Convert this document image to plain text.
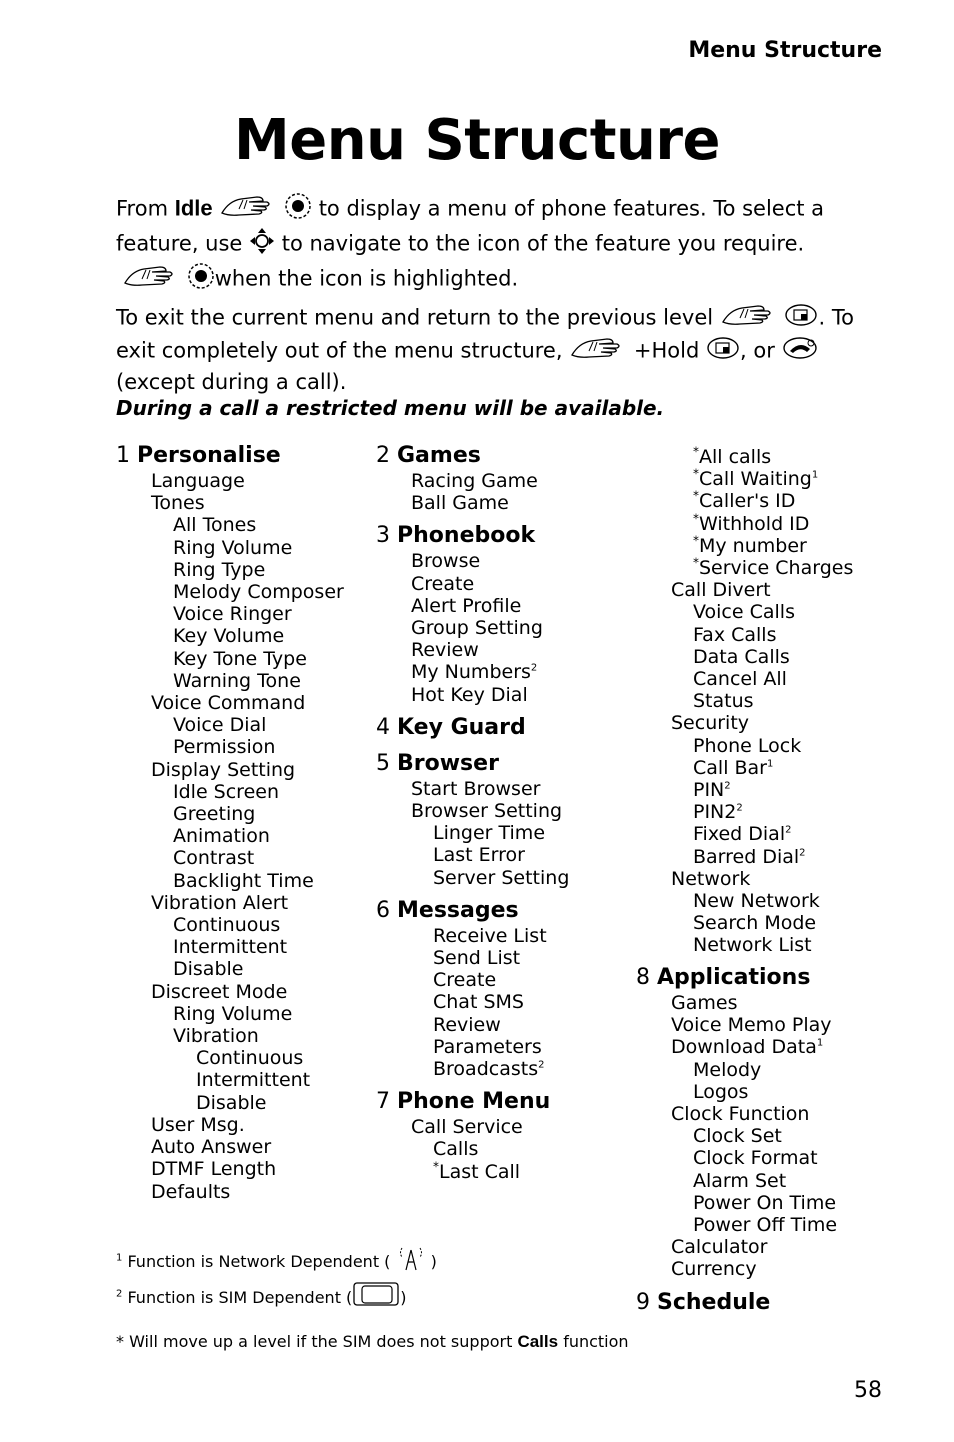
Menu Structure
Menu Structure
From Idle	to display a menu of phone features. To select a
feature, use to navigate to the icon of the feature you require.
when the icon is highlighted.
To exit the current menu and return to the previous level	. To
exit completely out of the menu structure,	+Hold , or
(except during a call).
During a call a restricted menu will be available.
1 Personalise
Language
Tones
All Tones
Ring Volume
Ring Type
Melody Composer
Voice Ringer
Key Volume
Key Tone Type
Warning Tone
Voice Command
Voice Dial
Permission
Display Setting
Idle Screen
Greeting
Animation
Contrast
Backlight Time
Vibration Alert
Continuous
Intermittent
Disable
Discreet Mode
Ring Volume
Vibration
Continuous
Intermittent
Disable
User Msg.
Auto Answer
DTMF Length
Defaults
2 Games
Racing Game
Ball Game
3 Phonebook
Browse
Create
Alert Profile
Group Setting
Review
My Numbers$^2$
Hot Key Dial
4 Key Guard
5 Browser
Start Browser
Browser Setting
Linger Time
Last Error
Server Setting
6 Messages
Receive List
Send List
Create
Chat SMS
Review
Parameters
Broadcasts$^2$
7 Phone Menu
Call Service
Calls
*Last Call
*All calls
*Call Waiting$^1$
*Caller's ID
*Withhold ID
*My number
*Service Charges
Call Divert
Voice Calls
Fax Calls
Data Calls
Cancel All
Status
Security
Phone Lock
Call Bar$^1$
PIN$^2$
$PIN2^2$
Fixed Dial$^2$
Barred Dial$^2$
Network
New Network
Search Mode
Network List
8 Applications
Games
Voice Memo Play
Download Data$^1$
Melody
Logos
Clock Function
Clock Set
Clock Format
Alarm Set
Power On Time
Power Off Time
Calculator
Currency
9 Schedule
$^1$ Function is Network Dependent (	)
$^2$ Function is SIM Dependent (	)
* Will move up a level if the SIM does not support Calls function
58
